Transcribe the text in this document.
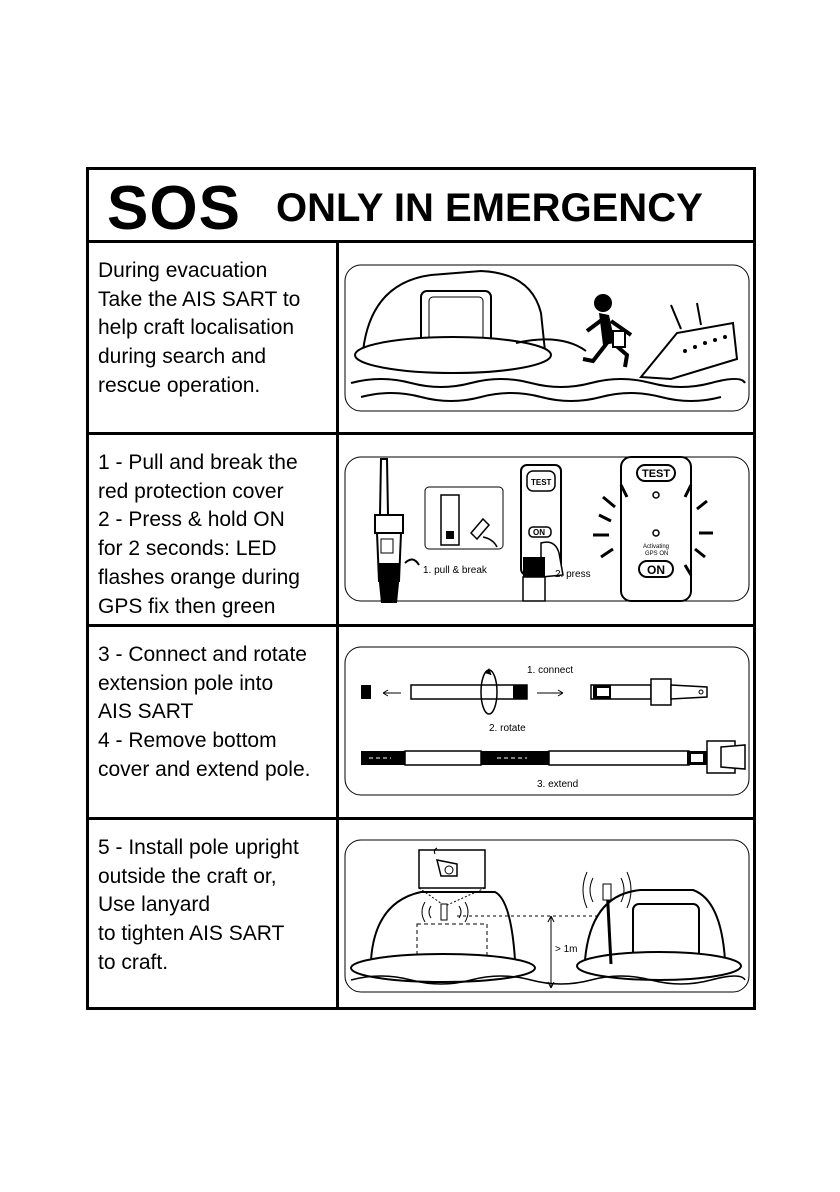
SOS ONLY IN EMERGENCY

During evacuation

Take the AIS SART to

help craft localisation

during search and

rescue operation.

1 - Pull and break the

red protection cover

2 - Press & hold ON

for 2 seconds: LED

flashes orange during

GPS fix then green

1. pull & break
TEST
ON
2. press
TEST
Activating
GPS ON
ON

3 - Connect and rotate

extension pole into

AIS SART

4 - Remove bottom

cover and extend pole.

1. connect
2. rotate
3. extend

5 - Install pole upright

outside the craft or,

Use lanyard

to tighten AIS SART

to craft.

> 1m
